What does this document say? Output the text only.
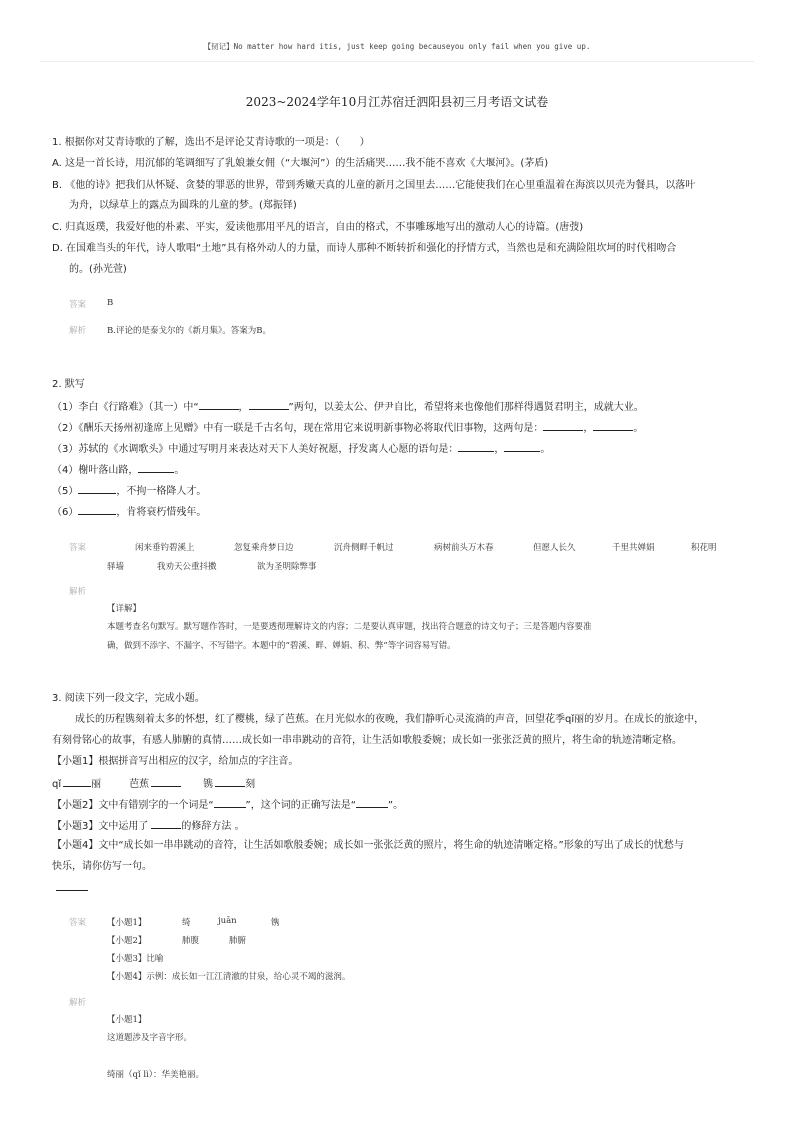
【韧记】No matter how hard itis, just keep going becauseyou only fail when you give up.
2023~2024学年10月江苏宿迁泗阳县初三月考语文试卷
1. 根据你对艾青诗歌的了解，选出不是评论艾青诗歌的一项是：（　　）
A. 这是一首长诗，用沉郁的笔调细写了乳娘兼女佣（“大堰河”）的生活痛哭……我不能不喜欢《大堰河》。(茅盾)
B. 《他的诗》把我们从怀疑、贪婪的罪恶的世界，带到秀嫩天真的儿童的新月之国里去……它能使我们在心里重温着在海滨以贝壳为餐具，以落叶
为舟，以绿草上的露点为圆珠的儿童的梦。(郑振铎)
C. 归真返璞，我爱好他的朴素、平实，爱读他那用平凡的语言，自由的格式，不事雕琢地写出的激动人心的诗篇。(唐弢)
D. 在国难当头的年代，诗人歌唱“土地”具有格外动人的力量，而诗人那种不断转折和强化的抒情方式，当然也是和充满险阻坎坷的时代相吻合
的。(孙光萱)
答案 B
解析 B.评论的是泰戈尔的《新月集》。答案为B。
2. 默写
（1）李白《行路难》（其一）中“	，	”两句，以姜太公、伊尹自比，希望将来也像他们那样得遇贤君明主，成就大业。
（2）《酬乐天扬州初逢席上见赠》中有一联是千古名句，现在常用它来说明新事物必将取代旧事物，这两句是：	，	。
（3）苏轼的《水调歌头》中通过写明月来表达对天下人美好祝愿，抒发离人心愿的语句是：	，	。
（4）榭叶落山路，	。
（5）	，不拘一格降人才。
（6）	，肯将衰朽惜残年。
答案	闲来垂钓碧溪上	忽复乘舟梦日边	沉舟侧畔千帆过	病树前头万木春	但愿人长久	千里共婵娟	积花明
驿墙	我劝天公重抖擞	欲为圣明除弊事
解析
【详解】
本题考查名句默写。默写题作答时，一是要透彻理解诗文的内容；二是要认真审题，找出符合题意的诗文句子；三是答题内容要准
确，做到不添字、不漏字、不写错字。本题中的“碧溪、畔、婵娟、积、弊”等字词容易写错。
3. 阅读下列一段文字，完成小题。
成长的历程镌刻着太多的怀想，红了樱桃，绿了芭蕉。在月光似水的夜晚，我们静听心灵流淌的声音，回望花季qǐ丽的岁月。在成长的旅途中，
有刻骨铭心的故事，有感人肺腑的真情……成长如一串串跳动的音符，让生活如歌般委婉；成长如一张张泛黄的照片，将生命的轨迹清晰定格。
【小题1】根据拼音写出相应的汉字，给加点的字注音。
qǐ	丽	芭蕉	镌	刻
【小题2】文中有错别字的一个词是“	”，这个词的正确写法是“	”。
【小题3】文中运用了	的修辞方法 。
【小题4】文中“成长如一串串跳动的音符，让生活如歌般委婉；成长如一张张泛黄的照片，将生命的轨迹清晰定格。”形象的写出了成长的忧愁与
快乐，请你仿写一句。
答案 【小题1】	绮	juān	镌
【小题2】	肺腹	肺腑
【小题3】比喻
【小题4】示例：成长如一江江清澈的甘泉，给心灵不竭的滋润。
解析
【小题1】
这道题涉及字音字形。
绮丽（qǐ lì）：华美艳丽。
